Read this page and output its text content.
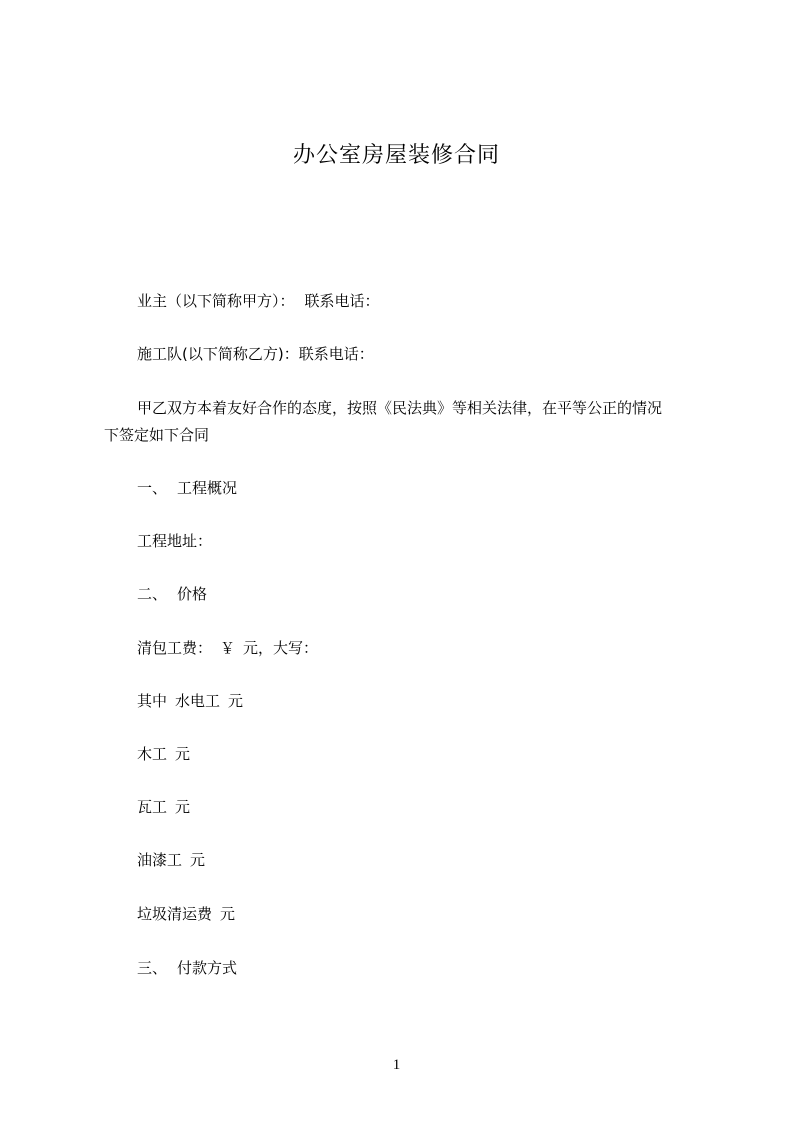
办公室房屋装修合同
业主（以下简称甲方）： 联系电话：
施工队(以下简称乙方)：联系电话：
甲乙双方本着友好合作的态度，按照《民法典》等相关法律，在平等公正的情况
下签定如下合同
一、 工程概况
工程地址：
二、 价格
清包工费： ￥ 元，大写：
其中 水电工 元
木工 元
瓦工 元
油漆工 元
垃圾清运费 元
三、 付款方式
1
